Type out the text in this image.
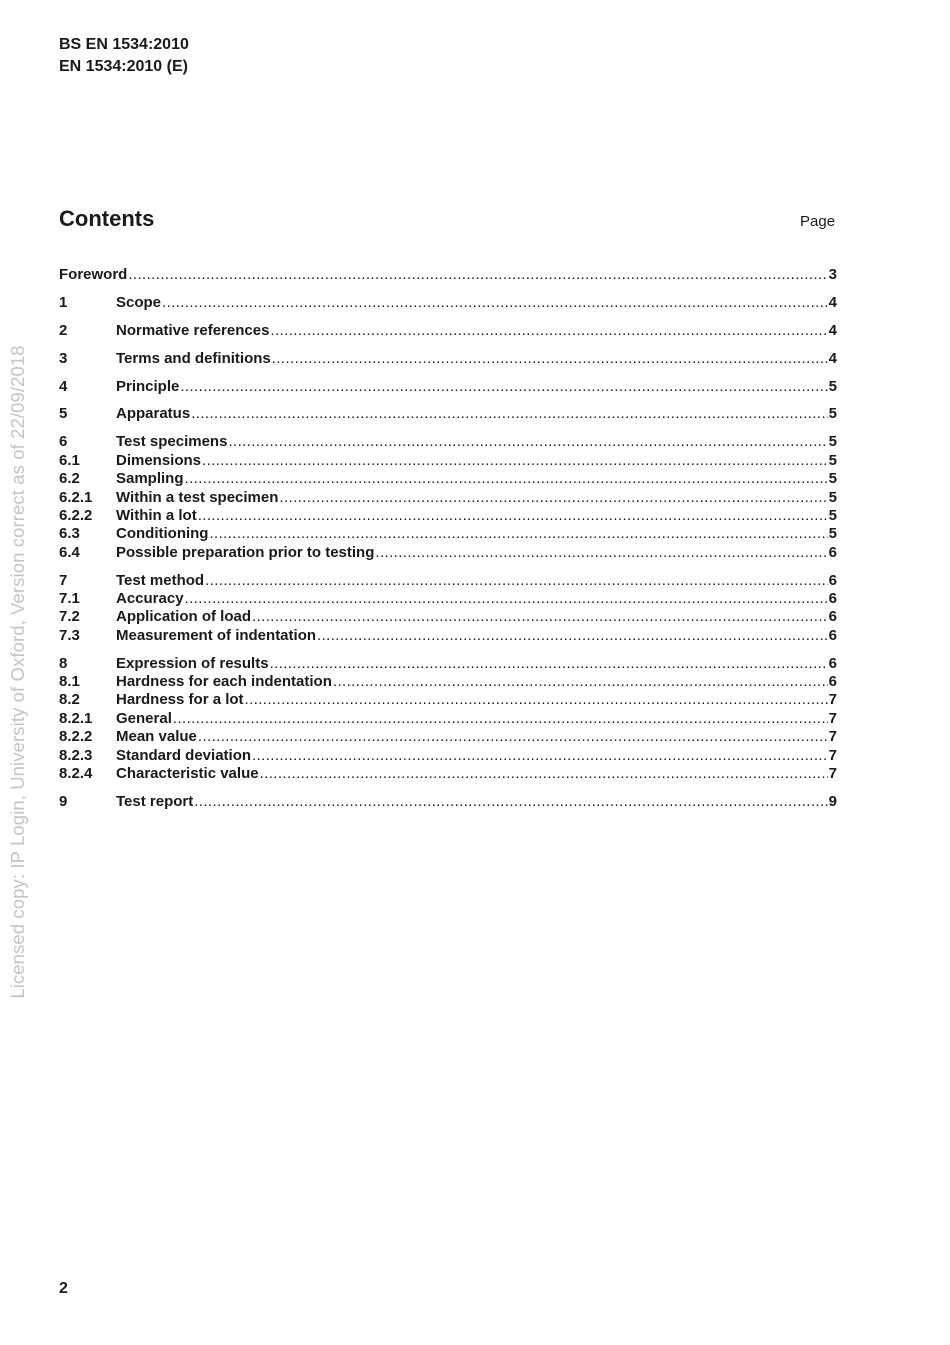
BS EN 1534:2010
EN 1534:2010 (E)
Licensed copy: IP Login, University of Oxford, Version correct as of 22/09/2018
Contents	Page
Foreword .....	3
1	Scope .....	4
2	Normative references .....	4
3	Terms and definitions .....	4
4	Principle .....	5
5	Apparatus .....	5
6	Test specimens .....	5
6.1	Dimensions .....	5
6.2	Sampling .....	5
6.2.1	Within a test specimen .....	5
6.2.2	Within a lot .....	5
6.3	Conditioning .....	5
6.4	Possible preparation prior to testing .....	6
7	Test method .....	6
7.1	Accuracy .....	6
7.2	Application of load .....	6
7.3	Measurement of indentation .....	6
8	Expression of results .....	6
8.1	Hardness for each indentation .....	6
8.2	Hardness for a lot .....	7
8.2.1	General .....	7
8.2.2	Mean value .....	7
8.2.3	Standard deviation .....	7
8.2.4	Characteristic value .....	7
9	Test report .....	9
2
